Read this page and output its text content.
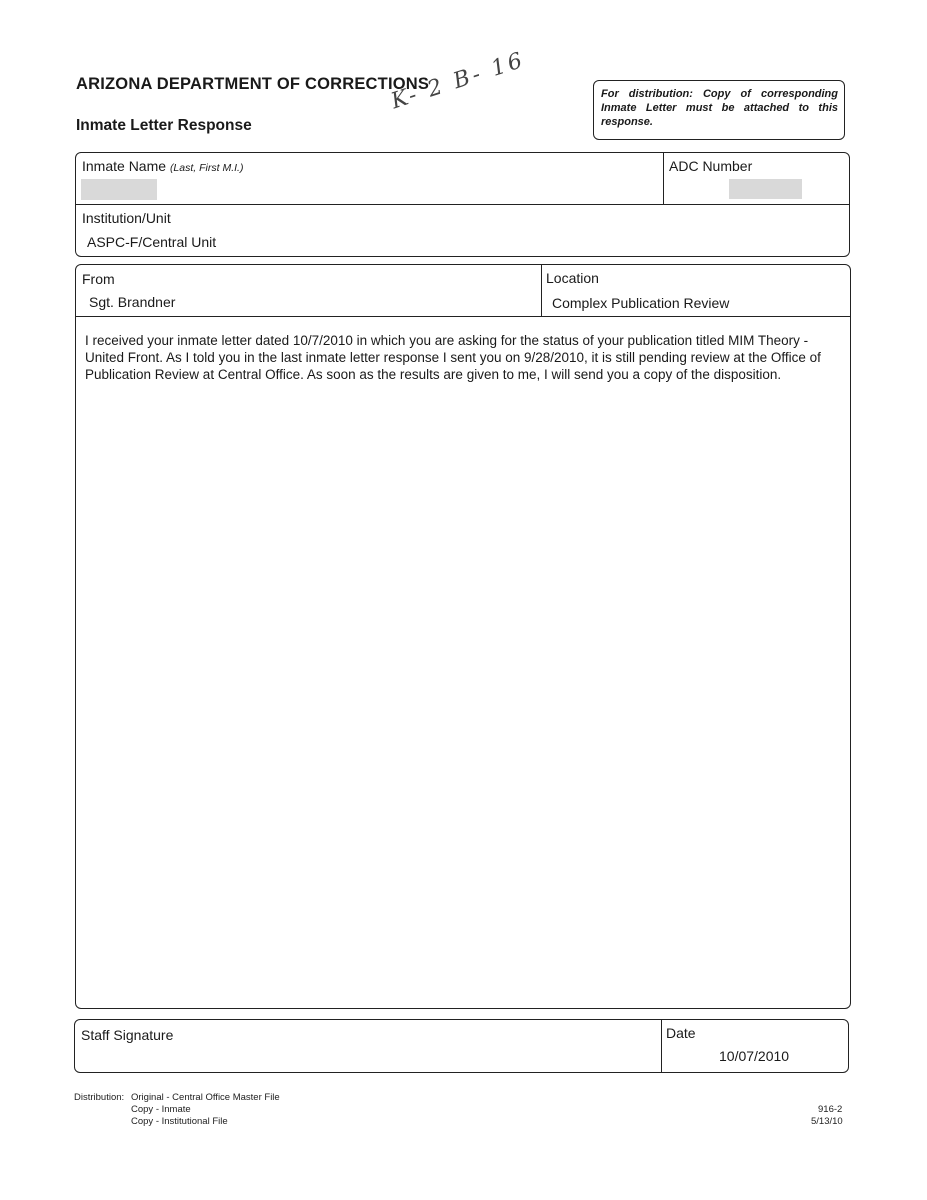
ARIZONA DEPARTMENT OF CORRECTIONS
Inmate Letter Response
K- 2 B- 16	For distribution: Copy of corresponding Inmate Letter must be attached to this response.
Inmate Name (Last, First M.I.)	ADC Number
Institution/Unit
ASPC-F/Central Unit
From
Sgt. Brandner
Location
Complex Publication Review
I received your inmate letter dated 10/7/2010 in which you are asking for the status of your publication titled MIM Theory - United Front. As I told you in the last inmate letter response I sent you on 9/28/2010, it is still pending review at the Office of Publication Review at Central Office. As soon as the results are given to me, I will send you a copy of the disposition.
Staff Signature	Date
10/07/2010
Distribution: Original - Central Office Master File
Copy - Inmate
Copy - Institutional File
916-2
5/13/10
